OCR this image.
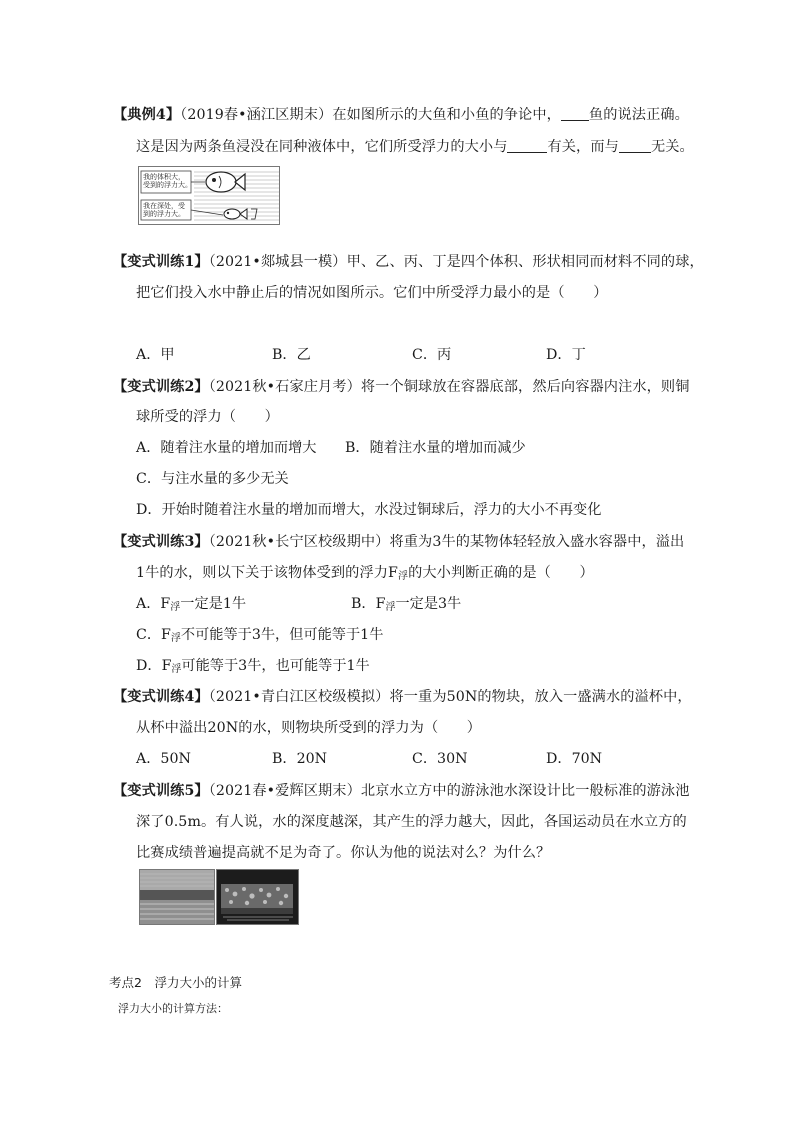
【典例4】（2019春•涵江区期末）在如图所示的大鱼和小鱼的争论中， 鱼的说法正确。
这是因为两条鱼浸没在同种液体中，它们所受浮力的大小与	有关，而与 无关。
我的体积大，
受到的浮力大。
我在深处，受
到的浮力大。
【变式训练1】（2021•郯城县一模）甲、乙、丙、丁是四个体积、形状相同而材料不同的球，
把它们投入水中静止后的情况如图所示。它们中所受浮力最小的是（　　）
A．甲	B．乙	C．丙	D．丁
【变式训练2】（2021秋•石家庄月考）将一个铜球放在容器底部，然后向容器内注水，则铜
球所受的浮力（　　）
A．随着注水量的增加而增大 B．随着注水量的增加而减少
C．与注水量的多少无关
D．开始时随着注水量的增加而增大，水没过铜球后，浮力的大小不再变化
【变式训练3】（2021秋•长宁区校级期中）将重为3牛的某物体轻轻放入盛水容器中，溢出
1牛的水，则以下关于该物体受到的浮力$F_浮$的大小判断正确的是（　　）
A．$F_浮$一定是1牛	B．$F_浮$一定是3牛
C．$F_浮$不可能等于3牛，但可能等于1牛
D．$F_浮$可能等于3牛，也可能等于1牛
【变式训练4】（2021•青白江区校级模拟）将一重为50N的物块，放入一盛满水的溢杯中，
从杯中溢出20N的水，则物块所受到的浮力为（　　）
A．50N	B．20N	C．30N	D．70N
【变式训练5】（2021春•爱辉区期末）北京水立方中的游泳池水深设计比一般标准的游泳池
深了0.5m。有人说，水的深度越深，其产生的浮力越大，因此，各国运动员在水立方的
比赛成绩普遍提高就不足为奇了。你认为他的说法对么？为什么？
考点2　浮力大小的计算
浮力大小的计算方法：
